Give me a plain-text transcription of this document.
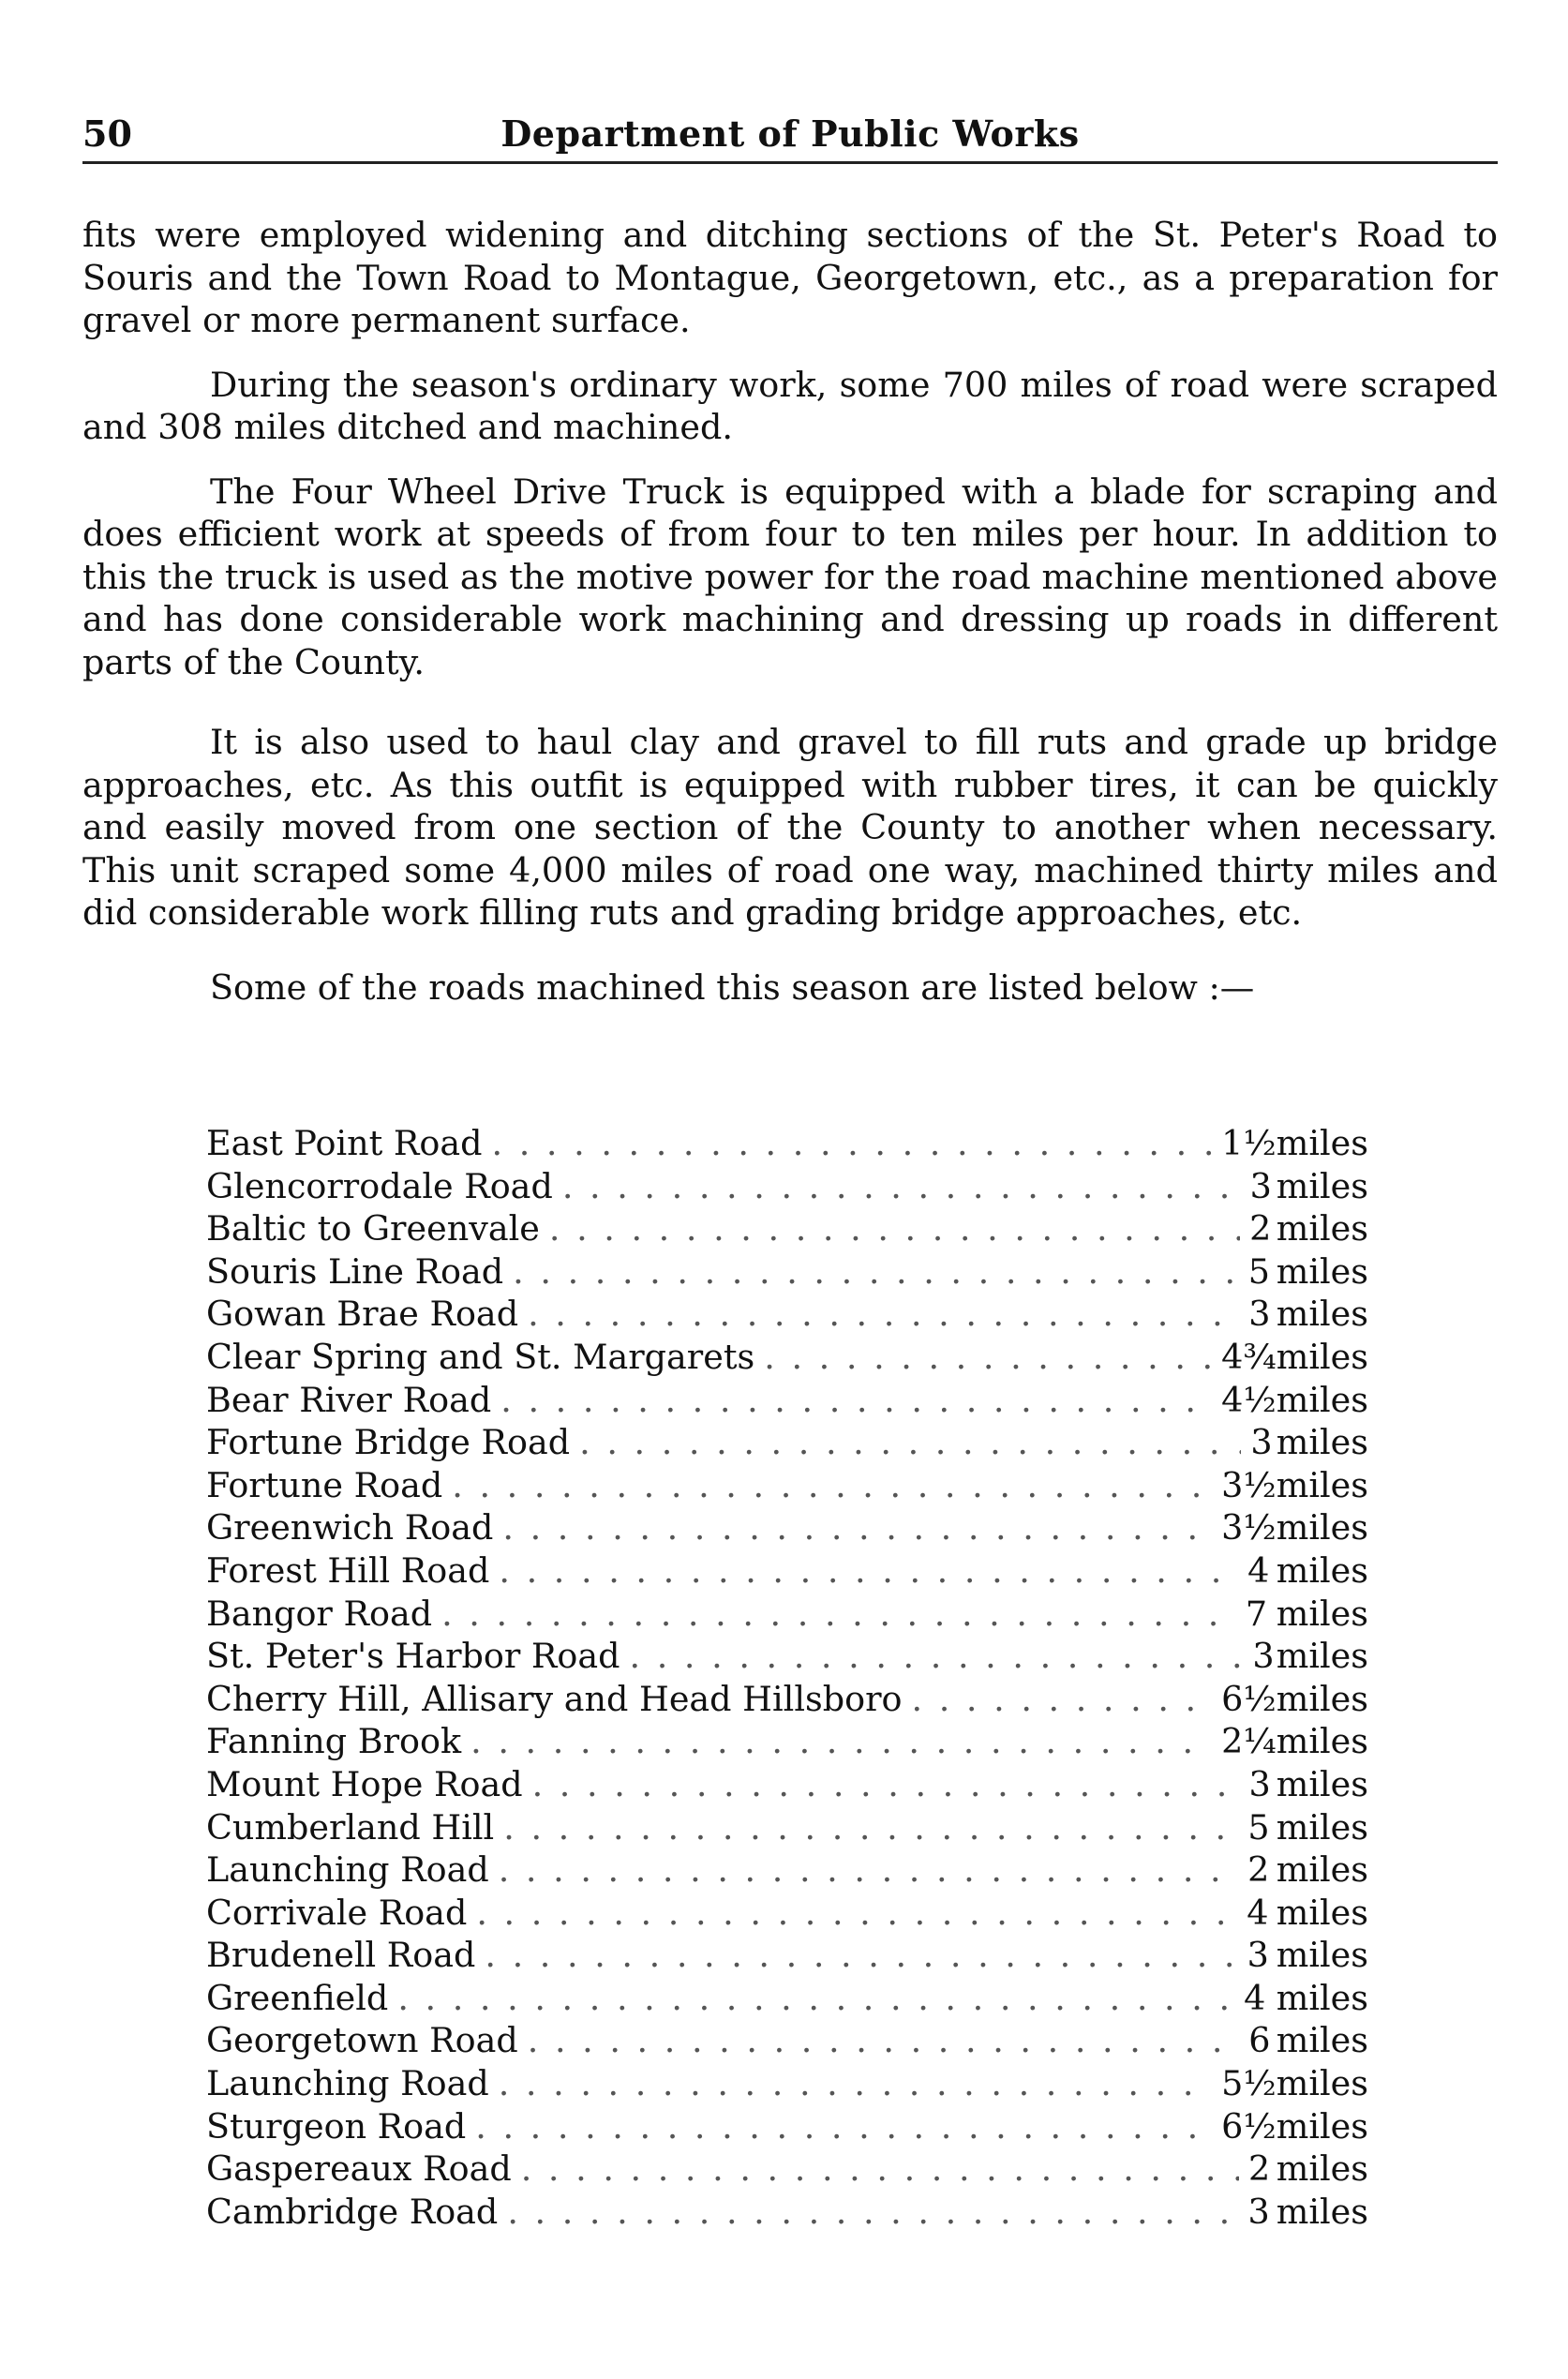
50	Department of Public Works

fits were employed widening and ditching sections of the St. Peter's Road to Souris and the Town Road to Montague, Georgetown, etc., as a preparation for gravel or more permanent surface.

During the season's ordinary work, some 700 miles of road were scraped and 308 miles ditched and machined.

The Four Wheel Drive Truck is equipped with a blade for scraping and does efficient work at speeds of from four to ten miles per hour. In addition to this the truck is used as the motive power for the road machine mentioned above and has done considerable work machining and dressing up roads in different parts of the County.

It is also used to haul clay and gravel to fill ruts and grade up bridge approaches, etc. As this outfit is equipped with rubber tires, it can be quickly and easily moved from one section of the County to another when necessary. This unit scraped some 4,000 miles of road one way, machined thirty miles and did considerable work filling ruts and grading bridge approaches, etc.

Some of the roads machined this season are listed below :—

East Point Road . . .	1½ miles
Glencorrodale Road . . .	3 miles
Baltic to Greenvale . . .	2 miles
Souris Line Road . . .	5 miles
Gowan Brae Road . . .	3 miles
Clear Spring and St. Margarets . . .	4¾ miles
Bear River Road . . .	4½ miles
Fortune Bridge Road . . .	3 miles
Fortune Road . . .	3½ miles
Greenwich Road . . .	3½ miles
Forest Hill Road . . .	4 miles
Bangor Road . . .	7 miles
St. Peter's Harbor Road . . .	3 miles
Cherry Hill, Allisary and Head Hillsboro . . .	6½ miles
Fanning Brook . . .	2¼ miles
Mount Hope Road . . .	3 miles
Cumberland Hill . . .	5 miles
Launching Road . . .	2 miles
Corrivale Road . . .	4 miles
Brudenell Road . . .	3 miles
Greenfield . . .	4 miles
Georgetown Road . . .	6 miles
Launching Road . . .	5½ miles
Sturgeon Road . . .	6½ miles
Gaspereaux Road . . .	2 miles
Cambridge Road . . .	3 miles
